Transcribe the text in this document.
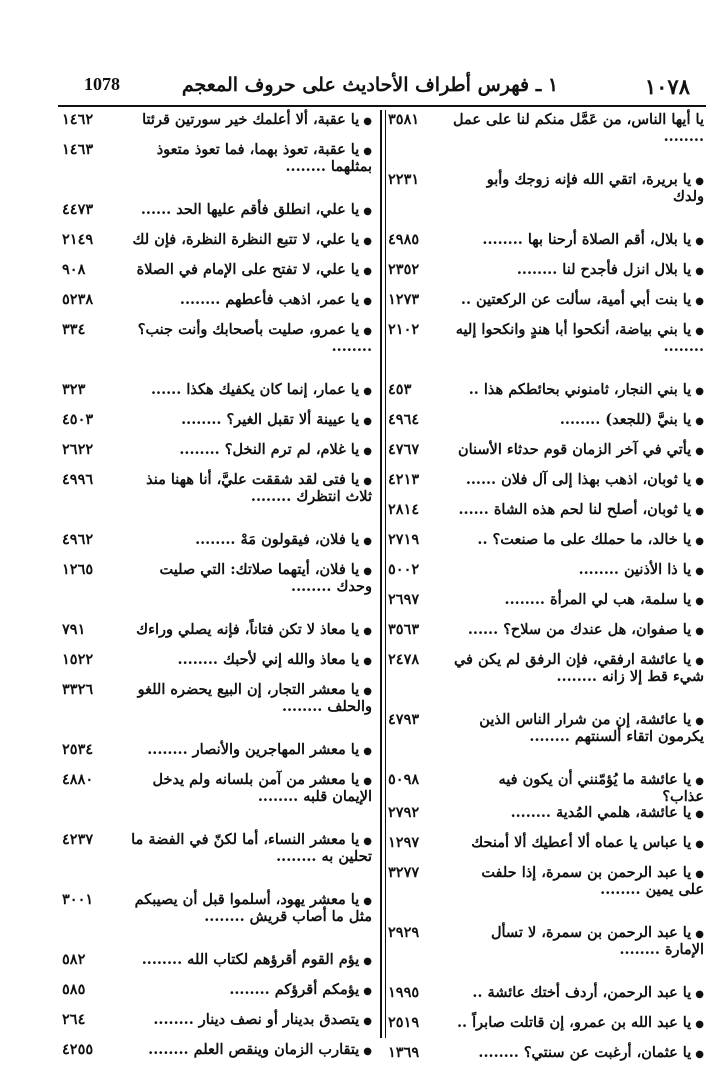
١٠٧٨
١ ـ فهرس أطراف الأحاديث على حروف المعجم
1078
يا أيها الناس، من عَمَّل منكم لنا على عمل ........
٣٥٨١
●يا بريرة، اتقي الله فإنه زوجك وأبو ولدك
٢٢٣١
●يا بلال، أقم الصلاة أرحنا بها ........
٤٩٨٥
●يا بلال انزل فأجدح لنا ........
٢٣٥٢
●يا بنت أبي أمية، سألت عن الركعتين ..
١٢٧٣
●يا بني بياضة، أنكحوا أبا هندٍ وانكحوا إليه ........
٢١٠٢
●يا بني النجار، ثامنوني بحائطكم هذا ..
٤٥٣
●يا بنيَّ (للجعد) ........
٤٩٦٤
●يأتي في آخر الزمان قوم حدثاء الأسنان
٤٧٦٧
●يا ثوبان، اذهب بهذا إلى آل فلان ......
٤٢١٣
●يا ثوبان، أصلح لنا لحم هذه الشاة ......
٢٨١٤
●يا خالد، ما حملك على ما صنعت؟ ..
٢٧١٩
●يا ذا الأذنين ........
٥٠٠٢
●يا سلمة، هب لي المرأة ........
٢٦٩٧
●يا صفوان، هل عندك من سلاح؟ ......
٣٥٦٣
●يا عائشة ارفقي، فإن الرفق لم يكن في شيء قط إلا زانه ........
٢٤٧٨
●يا عائشة، إن من شرار الناس الذين يكرمون اتقاء ألسنتهم ........
٤٧٩٣
●يا عائشة ما يُؤمّنني أن يكون فيه عذاب؟
٥٠٩٨
●يا عائشة، هلمي المُدية ........
٢٧٩٢
●يا عباس يا عماه ألا أعطيك ألا أمنحك
١٢٩٧
●يا عبد الرحمن بن سمرة، إذا حلفت على يمين ........
٣٢٧٧
●يا عبد الرحمن بن سمرة، لا تسأل الإمارة ........
٢٩٢٩
●يا عبد الرحمن، أردف أختك عائشة ..
١٩٩٥
●يا عبد الله بن عمرو، إن قاتلت صابراً ..
٢٥١٩
●يا عثمان، أرغبت عن سنتي؟ ........
١٣٦٩
●يا عقبة، ألا أعلمك خير سورتين قرئتا
١٤٦٢
●يا عقبة، تعوذ بهما، فما تعوذ متعوذ بمثلهما ........
١٤٦٣
●يا علي، انطلق فأقم عليها الحد ......
٤٤٧٣
●يا علي، لا تتبع النظرة النظرة، فإن لك
٢١٤٩
●يا علي، لا تفتح على الإمام في الصلاة
٩٠٨
●يا عمر، اذهب فأعطهم ........
٥٢٣٨
●يا عمرو، صليت بأصحابك وأنت جنب؟ ........
٣٣٤
●يا عمار، إنما كان يكفيك هكذا ......
٣٢٣
●يا عيينة ألا تقبل الغير؟ ........
٤٥٠٣
●يا غلام، لم ترم النخل؟ ........
٢٦٢٢
●يا فتى لقد شققت عليَّ، أنا ههنا منذ ثلاث انتظرك ........
٤٩٩٦
●يا فلان، فيقولون مَهْ ........
٤٩٦٢
●يا فلان، أيتهما صلاتك: التي صليت وحدك ........
١٢٦٥
●يا معاذ لا تكن فتاناً، فإنه يصلي وراءك
٧٩١
●يا معاذ والله إني لأحبك ........
١٥٢٢
●يا معشر التجار، إن البيع يحضره اللغو والحلف ........
٣٣٢٦
●يا معشر المهاجرين والأنصار ........
٢٥٣٤
●يا معشر من آمن بلسانه ولم يدخل الإيمان قلبه ........
٤٨٨٠
●يا معشر النساء، أما لكنّ في الفضة ما تحلين به ........
٤٢٣٧
●يا معشر يهود، أسلموا قبل أن يصيبكم مثل ما أصاب قريش ........
٣٠٠١
●يؤم القوم أقرؤهم لكتاب الله ........
٥٨٢
●يؤمكم أقرؤكم ........
٥٨٥
●يتصدق بدينار أو نصف دينار ........
٢٦٤
●يتقارب الزمان وينقص العلم ........
٤٢٥٥
